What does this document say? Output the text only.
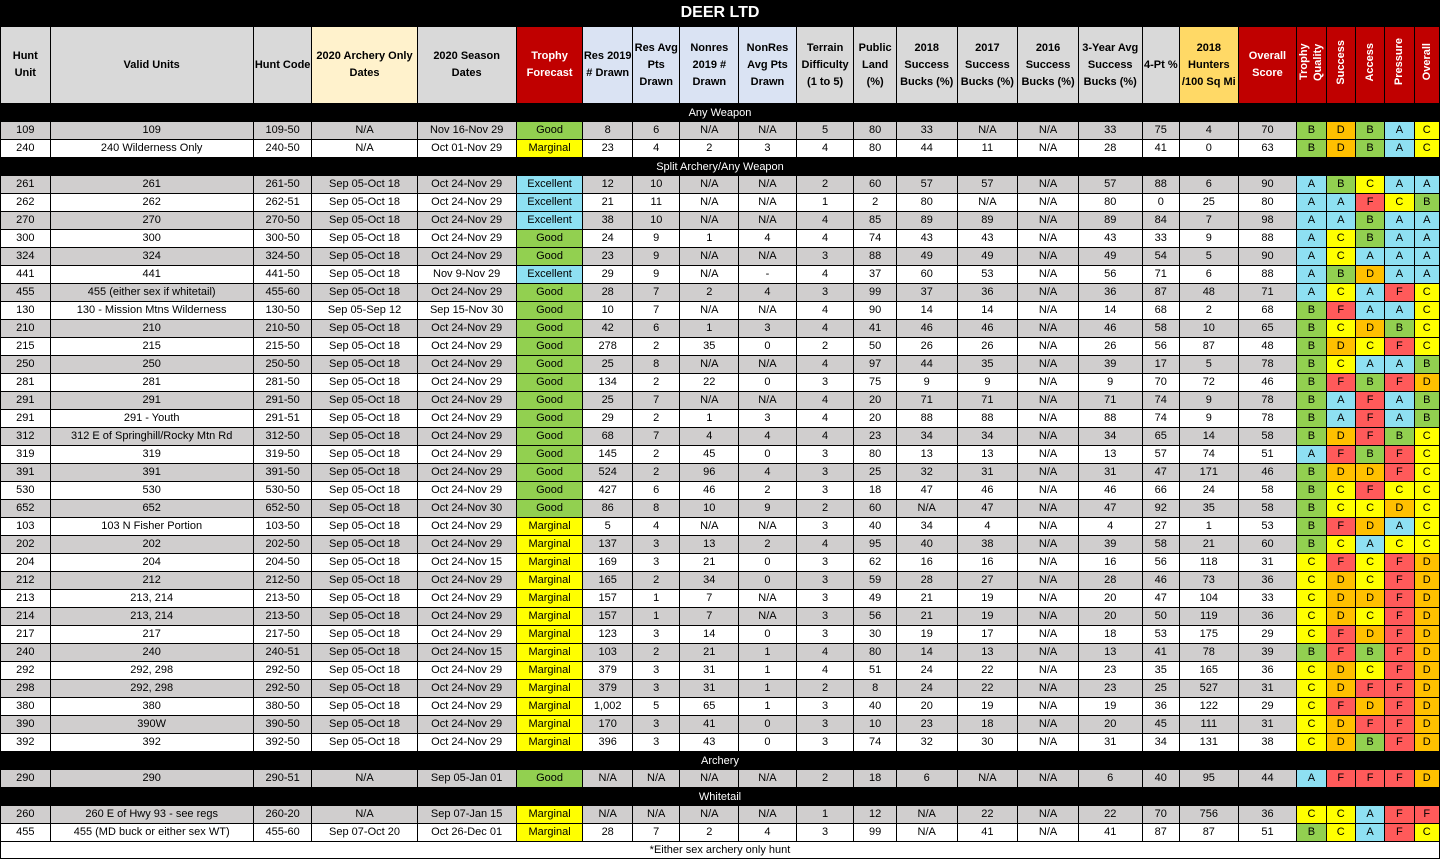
DEER LTD
Hunt Unit	Valid Units	Hunt Code	2020 Archery Only Dates	2020 Season Dates	Trophy Forecast	Res 2019 # Drawn	Res Avg Pts Drawn	Nonres 2019 # Drawn	NonRes Avg Pts Drawn	Terrain Difficulty (1 to 5)	Public Land (%)	2018 Success Bucks (%)	2017 Success Bucks (%)	2016 Success Bucks (%)	3-Year Avg Success Bucks (%)	4-Pt %	2018 Hunters /100 Sq Mi	Overall Score	Trophy Quality	Success	Access	Pressure	Overall
Any Weapon																							
109	109	109-50	N/A	Nov 16-Nov 29	Good	8	6	N/A	N/A	5	80	33	N/A	N/A	33	75	4	70	B	D	B	A	C
240	240 Wilderness Only	240-50	N/A	Oct 01-Nov 29	Marginal	23	4	2	3	4	80	44	11	N/A	28	41	0	63	B	D	B	A	C
Split Archery/Any Weapon																							
261	261	261-50	Sep 05-Oct 18	Oct 24-Nov 29	Excellent	12	10	N/A	N/A	2	60	57	57	N/A	57	88	6	90	A	B	C	A	A
262	262	262-51	Sep 05-Oct 18	Oct 24-Nov 29	Excellent	21	11	N/A	N/A	1	2	80	N/A	N/A	80	0	25	80	A	A	F	C	B
270	270	270-50	Sep 05-Oct 18	Oct 24-Nov 29	Excellent	38	10	N/A	N/A	4	85	89	89	N/A	89	84	7	98	A	A	B	A	A
300	300	300-50	Sep 05-Oct 18	Oct 24-Nov 29	Good	24	9	1	4	4	74	43	43	N/A	43	33	9	88	A	C	B	A	A
324	324	324-50	Sep 05-Oct 18	Oct 24-Nov 29	Good	23	9	N/A	N/A	3	88	49	49	N/A	49	54	5	90	A	C	A	A	A
441	441	441-50	Sep 05-Oct 18	Nov 9-Nov 29	Excellent	29	9	N/A	-	4	37	60	53	N/A	56	71	6	88	A	B	D	A	A
455	455 (either sex if whitetail)	455-60	Sep 05-Oct 18	Oct 24-Nov 29	Good	28	7	2	4	3	99	37	36	N/A	36	87	48	71	A	C	A	F	C
130	130 - Mission Mtns Wilderness	130-50	Sep 05-Sep 12	Sep 15-Nov 30	Good	10	7	N/A	N/A	4	90	14	14	N/A	14	68	2	68	B	F	A	A	C
210	210	210-50	Sep 05-Oct 18	Oct 24-Nov 29	Good	42	6	1	3	4	41	46	46	N/A	46	58	10	65	B	C	D	B	C
215	215	215-50	Sep 05-Oct 18	Oct 24-Nov 29	Good	278	2	35	0	2	50	26	26	N/A	26	56	87	48	B	D	C	F	C
250	250	250-50	Sep 05-Oct 18	Oct 24-Nov 29	Good	25	8	N/A	N/A	4	97	44	35	N/A	39	17	5	78	B	C	A	A	B
281	281	281-50	Sep 05-Oct 18	Oct 24-Nov 29	Good	134	2	22	0	3	75	9	9	N/A	9	70	72	46	B	F	B	F	D
291	291	291-50	Sep 05-Oct 18	Oct 24-Nov 29	Good	25	7	N/A	N/A	4	20	71	71	N/A	71	74	9	78	B	A	F	A	B
291	291 - Youth	291-51	Sep 05-Oct 18	Oct 24-Nov 29	Good	29	2	1	3	4	20	88	88	N/A	88	74	9	78	B	A	F	A	B
312	312 E of Springhill/Rocky Mtn Rd	312-50	Sep 05-Oct 18	Oct 24-Nov 29	Good	68	7	4	4	4	23	34	34	N/A	34	65	14	58	B	D	F	B	C
319	319	319-50	Sep 05-Oct 18	Oct 24-Nov 29	Good	145	2	45	0	3	80	13	13	N/A	13	57	74	51	A	F	B	F	C
391	391	391-50	Sep 05-Oct 18	Oct 24-Nov 29	Good	524	2	96	4	3	25	32	31	N/A	31	47	171	46	B	D	D	F	C
530	530	530-50	Sep 05-Oct 18	Oct 24-Nov 29	Good	427	6	46	2	3	18	47	46	N/A	46	66	24	58	B	C	F	C	C
652	652	652-50	Sep 05-Oct 18	Oct 24-Nov 30	Good	86	8	10	9	2	60	N/A	47	N/A	47	92	35	58	B	C	C	D	C
103	103 N Fisher Portion	103-50	Sep 05-Oct 18	Oct 24-Nov 29	Marginal	5	4	N/A	N/A	3	40	34	4	N/A	4	27	1	53	B	F	D	A	C
202	202	202-50	Sep 05-Oct 18	Oct 24-Nov 29	Marginal	137	3	13	2	4	95	40	38	N/A	39	58	21	60	B	C	A	C	C
204	204	204-50	Sep 05-Oct 18	Oct 24-Nov 15	Marginal	169	3	21	0	3	62	16	16	N/A	16	56	118	31	C	F	C	F	D
212	212	212-50	Sep 05-Oct 18	Oct 24-Nov 29	Marginal	165	2	34	0	3	59	28	27	N/A	28	46	73	36	C	D	C	F	D
213	213, 214	213-50	Sep 05-Oct 18	Oct 24-Nov 29	Marginal	157	1	7	N/A	3	49	21	19	N/A	20	47	104	33	C	D	D	F	D
214	213, 214	213-50	Sep 05-Oct 18	Oct 24-Nov 29	Marginal	157	1	7	N/A	3	56	21	19	N/A	20	50	119	36	C	D	C	F	D
217	217	217-50	Sep 05-Oct 18	Oct 24-Nov 29	Marginal	123	3	14	0	3	30	19	17	N/A	18	53	175	29	C	F	D	F	D
240	240	240-51	Sep 05-Oct 18	Oct 24-Nov 15	Marginal	103	2	21	1	4	80	14	13	N/A	13	41	78	39	B	F	B	F	D
292	292, 298	292-50	Sep 05-Oct 18	Oct 24-Nov 29	Marginal	379	3	31	1	4	51	24	22	N/A	23	35	165	36	C	D	C	F	D
298	292, 298	292-50	Sep 05-Oct 18	Oct 24-Nov 29	Marginal	379	3	31	1	2	8	24	22	N/A	23	25	527	31	C	D	F	F	D
380	380	380-50	Sep 05-Oct 18	Oct 24-Nov 29	Marginal	1,002	5	65	1	3	40	20	19	N/A	19	36	122	29	C	F	D	F	D
390	390W	390-50	Sep 05-Oct 18	Oct 24-Nov 29	Marginal	170	3	41	0	3	10	23	18	N/A	20	45	111	31	C	D	F	F	D
392	392	392-50	Sep 05-Oct 18	Oct 24-Nov 29	Marginal	396	3	43	0	3	74	32	30	N/A	31	34	131	38	C	D	B	F	D
Archery																							
290	290	290-51	N/A	Sep 05-Jan 01	Good	N/A	N/A	N/A	N/A	2	18	6	N/A	N/A	6	40	95	44	A	F	F	F	D
Whitetail																							
260	260 E of Hwy 93 - see regs	260-20	N/A	Sep 07-Jan 15	Marginal	N/A	N/A	N/A	N/A	1	12	N/A	22	N/A	22	70	756	36	C	C	A	F	F
455	455 (MD buck or either sex WT)	455-60	Sep 07-Oct 20	Oct 26-Dec 01	Marginal	28	7	2	4	3	99	N/A	41	N/A	41	87	87	51	B	C	A	F	C
*Either sex archery only hunt																							
